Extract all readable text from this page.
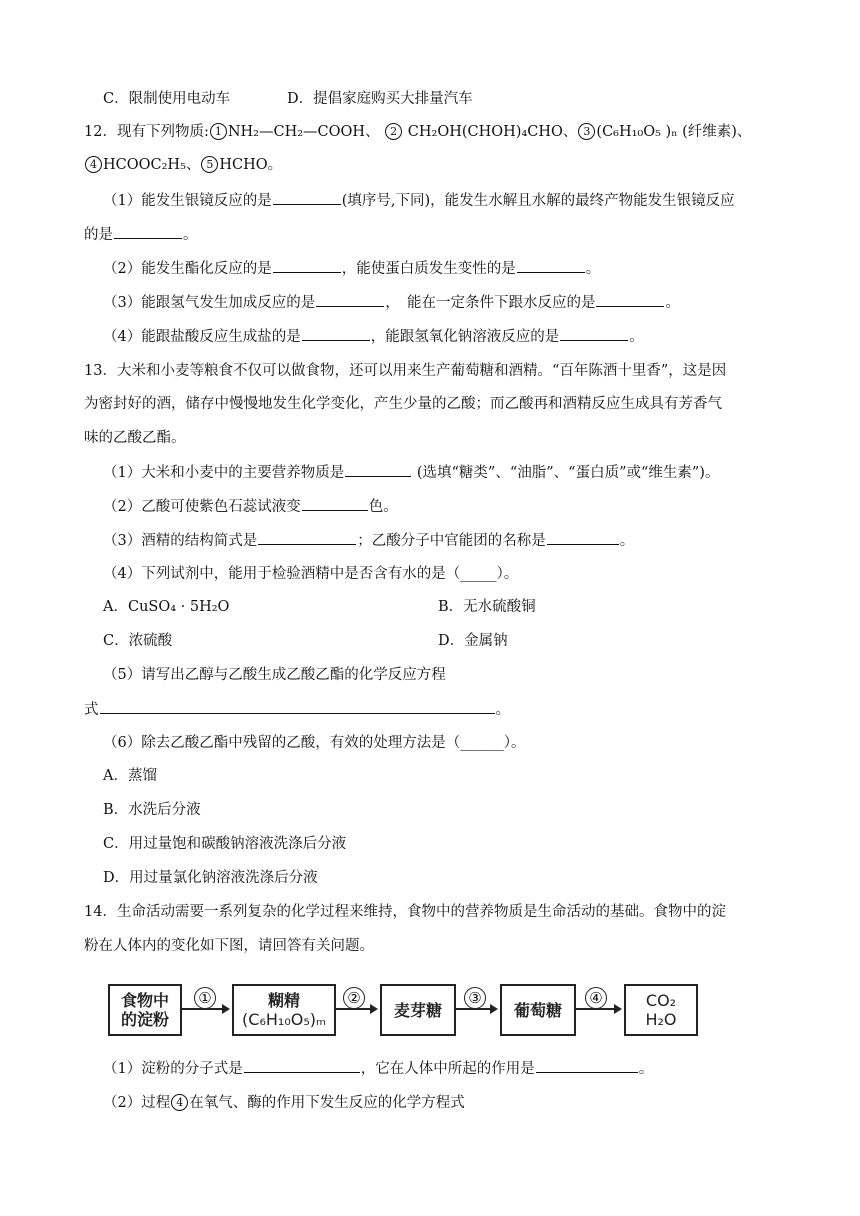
C．限制使用电动车	D．提倡家庭购买大排量汽车
12．现有下列物质: 1 NH₂—CH₂—COOH、 2 CH₂OH(CHOH)₄CHO、 3 (C₆H₁₀O₅ )ₙ (纤维素)、
4 HCOOC₂H₅、 5 HCHO。
（1）能发生银镜反应的是	(填序号,下同)，能发生水解且水解的最终产物能发生银镜反应
的是	。
（2）能发生酯化反应的是	，能使蛋白质发生变性的是	。
（3）能跟氢气发生加成反应的是	，　能在一定条件下跟水反应的是	。
（4）能跟盐酸反应生成盐的是	，能跟氢氧化钠溶液反应的是	。
13．大米和小麦等粮食不仅可以做食物，还可以用来生产葡萄糖和酒精。“百年陈酒十里香”，这是因
为密封好的酒，储存中慢慢地发生化学变化，产生少量的乙酸；而乙酸再和酒精反应生成具有芳香气
味的乙酸乙酯。
（1）大米和小麦中的主要营养物质是	(选填“糖类”、“油脂”、“蛋白质”或“维生素”)。
（2）乙酸可使紫色石蕊试液变	色。
（3）酒精的结构简式是	；乙酸分子中官能团的名称是	。
（4）下列试剂中，能用于检验酒精中是否含有水的是（_____）。
A．CuSO₄ · 5H₂O	B．无水硫酸铜
C．浓硫酸	D．金属钠
（5）请写出乙醇与乙酸生成乙酸乙酯的化学反应方程
式	。
（6）除去乙酸乙酯中残留的乙酸，有效的处理方法是（______）。
A．蒸馏
B．水洗后分液
C．用过量饱和碳酸钠溶液洗涤后分液
D．用过量氯化钠溶液洗涤后分液
14．生命活动需要一系列复杂的化学过程来维持，食物中的营养物质是生命活动的基础。食物中的淀
粉在人体内的变化如下图，请回答有关问题。
食物中
的淀粉
①	糊精
(C₆H₁₀O₅)ₘ
②
麦芽糖
③
葡萄糖
④	CO₂
H₂O
（1）淀粉的分子式是	，它在人体中所起的作用是	。
（2）过程 4 在氧气、酶的作用下发生反应的化学方程式
